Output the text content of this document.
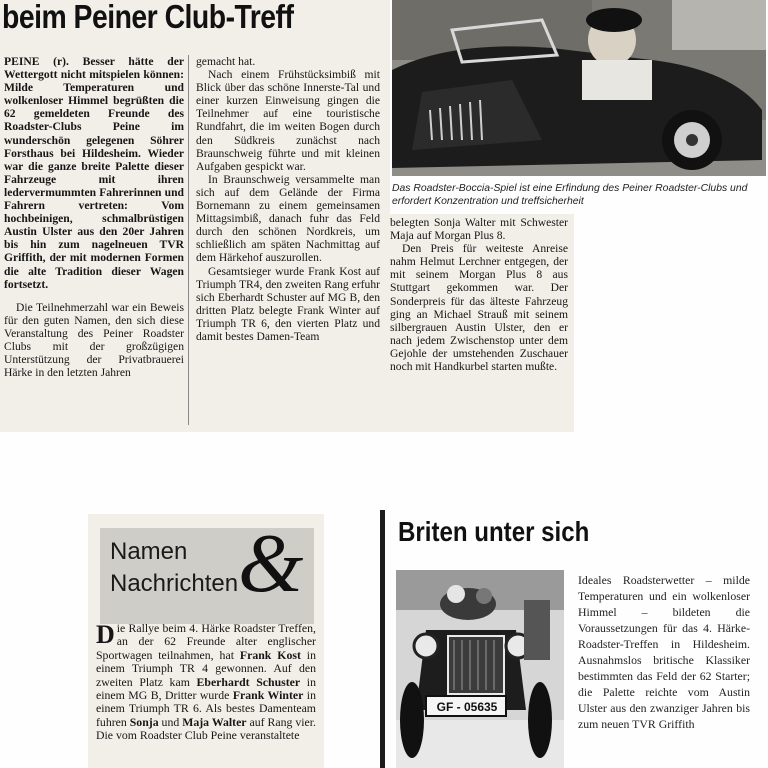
beim Peiner Club-Treff

PEINE (r). Besser hätte der Wettergott nicht mitspielen können: Milde Temperaturen und wolkenloser Himmel begrüßten die 62 gemeldeten Freunde des Roadster-Clubs Peine im wunderschön gelegenen Söhrer Forsthaus bei Hildesheim. Wieder war die ganze breite Palette dieser Fahrzeuge mit ihren ledervermummten Fahrerinnen und Fahrern vertreten: Vom hochbeinigen, schmalbrüstigen Austin Ulster aus den 20er Jahren bis hin zum nagelneuen TVR Griffith, der mit modernen Formen die alte Tradition dieser Wagen fortsetzt.

Die Teilnehmerzahl war ein Beweis für den guten Namen, den sich diese Veranstaltung des Peiner Roadster Clubs mit der großzügigen Unterstützung der Privatbrauerei Härke in den letzten Jahren

gemacht hat.

Nach einem Frühstücksimbiß mit Blick über das schöne Innerste-Tal und einer kurzen Einweisung gingen die Teilnehmer auf eine touristische Rundfahrt, die im weiten Bogen durch den Südkreis zunächst nach Braunschweig führte und mit kleinen Aufgaben gespickt war.

In Braunschweig versammelte man sich auf dem Gelände der Firma Bornemann zu einem gemeinsamen Mittagsimbiß, danach fuhr das Feld durch den schönen Nordkreis, um schließlich am späten Nachmittag auf dem Härkehof auszurollen.

Gesamtsieger wurde Frank Kost auf Triumph TR4, den zweiten Rang erfuhr sich Eberhardt Schuster auf MG B, den dritten Platz belegte Frank Winter auf Triumph TR 6, den vierten Platz und damit bestes Damen-Team

belegten Sonja Walter mit Schwester Maja auf Morgan Plus 8.

Den Preis für weiteste Anreise nahm Helmut Lerchner entgegen, der mit seinem Morgan Plus 8 aus Stuttgart gekommen war. Der Sonderpreis für das älteste Fahrzeug ging an Michael Strauß mit seinem silbergrauen Austin Ulster, den er nach jedem Zwischenstop unter dem Gejohle der umstehenden Zuschauer noch mit Handkurbel starten mußte.

Das Roadster-Boccia-Spiel ist eine Erfindung des Peiner Roadster-Clubs und erfordert Konzentration und treffsicherheit
Namen
Nachrichten &
Die Rallye beim 4. Härke Roadster Treffen, an der 62 Freunde alter englischer Sportwagen teilnahmen, hat Frank Kost in einem Triumph TR 4 gewonnen. Auf den zweiten Platz kam Eberhardt Schuster in einem MG B, Dritter wurde Frank Winter in einem Triumph TR 6. Als bestes Damenteam fuhren Sonja und Maja Walter auf Rang vier. Die vom Roadster Club Peine veranstaltete
Briten unter sich
GF - 05635
Ideales Roadsterwetter – milde Temperaturen und ein wolkenloser Himmel – bildeten die Voraussetzungen für das 4. Härke-Roadster-Treffen in Hildesheim. Ausnahmslos britische Klassiker bestimmten das Feld der 62 Starter; die Palette reichte vom Austin Ulster aus den zwanziger Jahren bis zum neuen TVR Griffith
